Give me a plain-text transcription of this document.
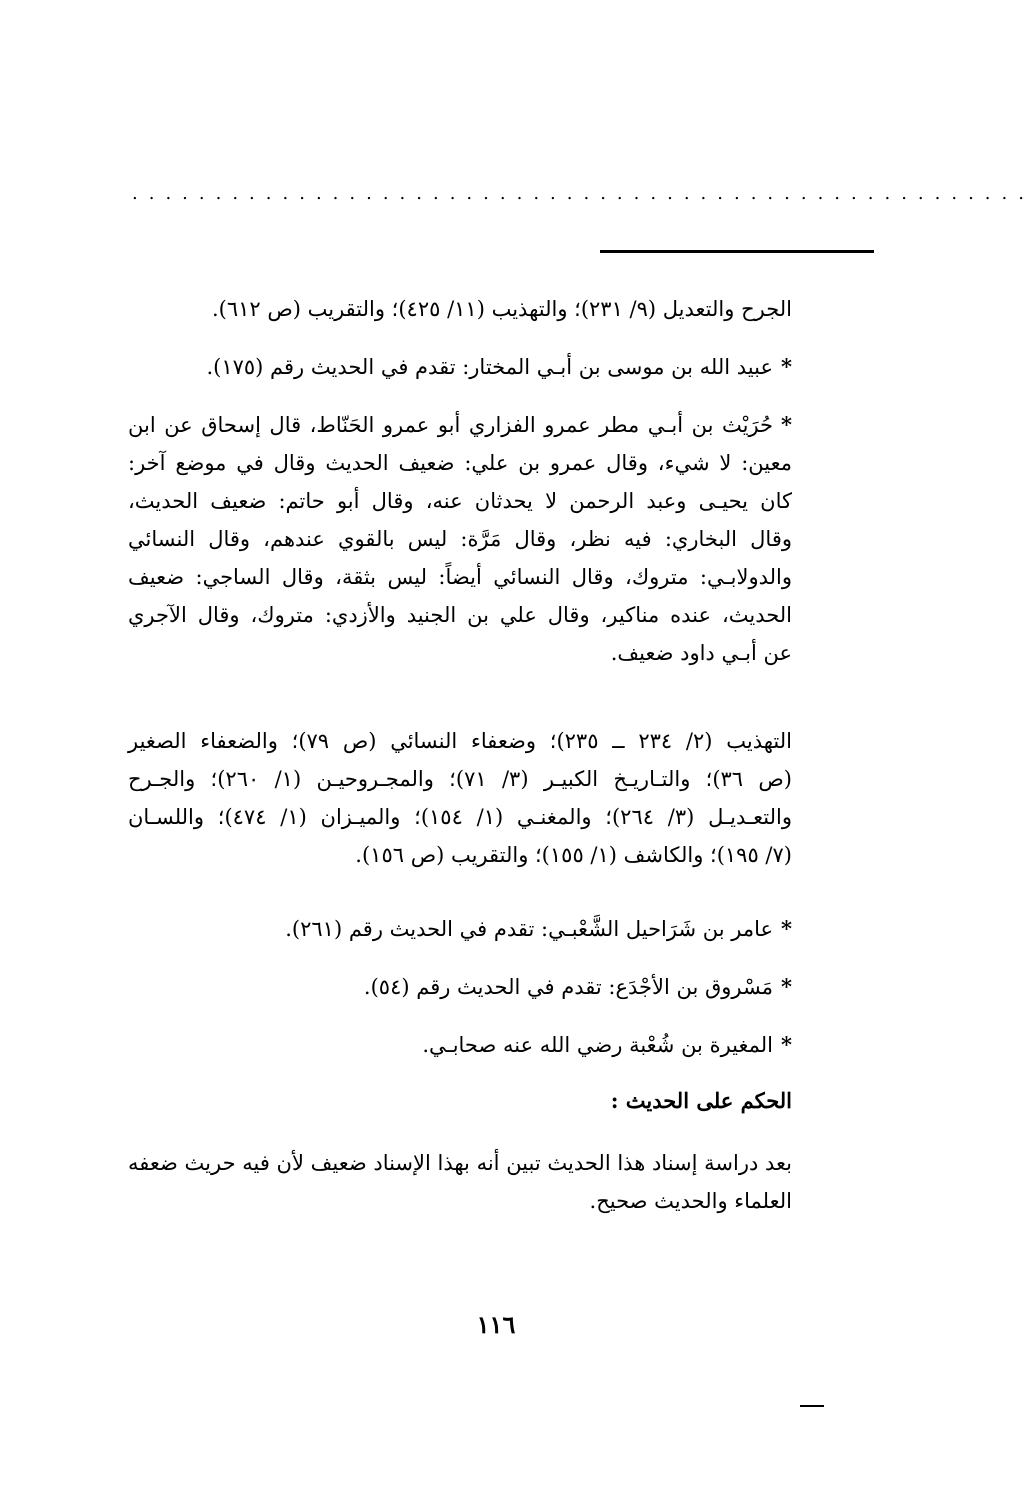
......................................................

الجرح والتعديل (٩/ ٢٣١)؛ والتهذيب (١١/ ٤٢٥)؛ والتقريب (ص ٦١٢).

*عبيد الله بن موسى بن أبـي المختار: تقدم في الحديث رقم (١٧٥).

*حُرَيْث بن أبـي مطر عمرو الفزاري أبو عمرو الحَنّاط، قال إسحاق عن ابن
معين: لا شيء، وقال عمرو بن علي: ضعيف الحديث وقال في موضع آخر:
كان يحيـى وعبد الرحمن لا يحدثان عنه، وقال أبو حاتم: ضعيف الحديث،
وقال البخاري: فيه نظر، وقال مَرَّة: ليس بالقوي عندهم، وقال النسائي
والدولابـي: متروك، وقال النسائي أيضاً: ليس بثقة، وقال الساجي: ضعيف
الحديث، عنده مناكير، وقال علي بن الجنيد والأزدي: متروك، وقال الآجري
عن أبـي داود ضعيف.

التهذيب (٢/ ٢٣٤ ــ ٢٣٥)؛ وضعفاء النسائي (ص ٧٩)؛ والضعفاء الصغير
(ص ٣٦)؛ والتـاريـخ الكبيـر (٣/ ٧١)؛ والمجـروحيـن (١/ ٢٦٠)؛ والجـرح
والتعـديـل (٣/ ٢٦٤)؛ والمغنـي (١/ ١٥٤)؛ والميـزان (١/ ٤٧٤)؛ واللسـان
(٧/ ١٩٥)؛ والكاشف (١/ ١٥٥)؛ والتقريب (ص ١٥٦).

*عامر بن شَرَاحيل الشَّعْبـي: تقدم في الحديث رقم (٢٦١).

*مَسْروق بن الأجْدَع: تقدم في الحديث رقم (٥٤).

*المغيرة بن شُعْبة رضي الله عنه صحابـي.

الحكم على الحديث :

بعد دراسة إسناد هذا الحديث تبين أنه بهذا الإسناد ضعيف لأن فيه حريث ضعفه
العلماء والحديث صحيح.

١١٦
